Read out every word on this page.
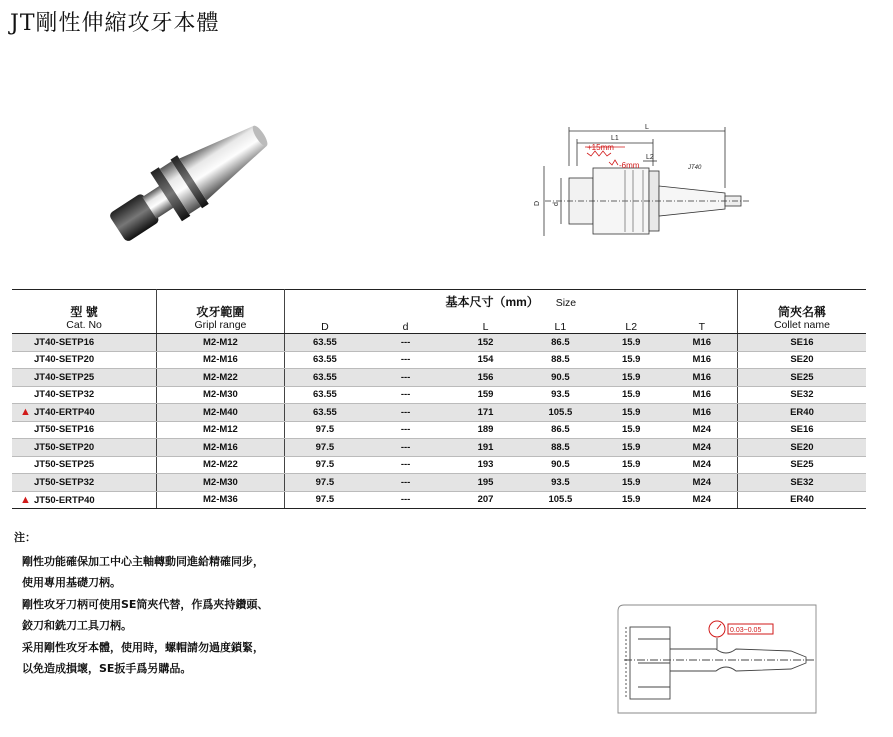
JT剛性伸縮攻牙本體
L
L1
L2
D d
JT40
+15mm
-6mm
型 號
Cat. No	攻牙範圍
Gripl range	基本尺寸（mm） Size						筒夾名稱
Collet name

		D	d	L	L1	L2	T	
JT40-SETP16	M2-M12	63.55	---	152	86.5	15.9	M16	SE16
JT40-SETP20	M2-M16	63.55	---	154	88.5	15.9	M16	SE20
JT40-SETP25	M2-M22	63.55	---	156	90.5	15.9	M16	SE25
JT40-SETP32	M2-M30	63.55	---	159	93.5	15.9	M16	SE32
▲ JT40-ERTP40	M2-M40	63.55	---	171	105.5	15.9	M16	ER40
JT50-SETP16	M2-M12	97.5	---	189	86.5	15.9	M24	SE16
JT50-SETP20	M2-M16	97.5	---	191	88.5	15.9	M24	SE20
JT50-SETP25	M2-M22	97.5	---	193	90.5	15.9	M24	SE25
JT50-SETP32	M2-M30	97.5	---	195	93.5	15.9	M24	SE32
▲ JT50-ERTP40	M2-M36	97.5	---	207	105.5	15.9	M24	ER40
注：
剛性功能確保加工中心主軸轉動同進給精確同步，
使用專用基礎刀柄。
剛性攻牙刀柄可使用SE筒夾代替，作爲夾持鑽頭、
鉸刀和銑刀工具刀柄。
采用剛性攻牙本體，使用時，螺帽請勿過度鎖緊，
以免造成損壞，SE扳手爲另購品。
0.03~0.05
